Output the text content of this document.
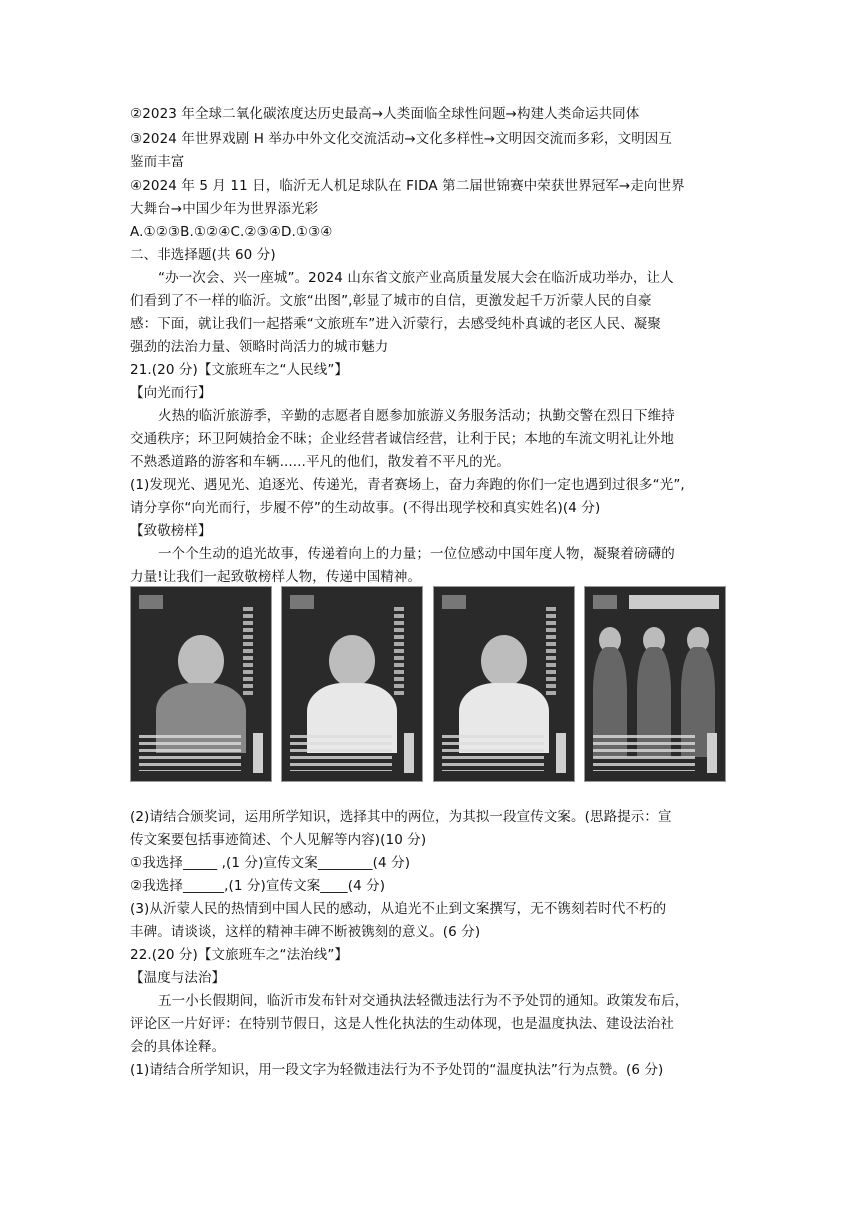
②2023 年全球二氧化碳浓度达历史最高→人类面临全球性问题→构建人类命运共同体
③2024 年世界戏剧 H 举办中外文化交流活动→文化多样性→文明因交流而多彩，文明因互
鉴而丰富
④2024 年 5 月 11 日，临沂无人机足球队在 FIDA 第二届世锦赛中荣获世界冠军→走向世界
大舞台→中国少年为世界添光彩
A.①②③B.①②④C.②③④D.①③④
二、非选择题(共 60 分)
“办一次会、兴一座城”。2024 山东省文旅产业高质量发展大会在临沂成功举办，让人
们看到了不一样的临沂。文旅“出图”,彰显了城市的自信，更激发起千万沂蒙人民的自豪
感：下面，就让我们一起搭乘“文旅班车”进入沂蒙行，去感受纯朴真诚的老区人民、凝聚
强劲的法治力量、领略时尚活力的城市魅力
21.(20 分)【文旅班车之“人民线”】
【向光而行】
火热的临沂旅游季，辛勤的志愿者自愿参加旅游义务服务活动；执勤交警在烈日下维持
交通秩序；环卫阿姨拾金不昧；企业经营者诚信经营，让利于民；本地的车流文明礼让外地
不熟悉道路的游客和车辆......平凡的他们，散发着不平凡的光。
(1)发现光、遇见光、追逐光、传递光，青者赛场上，奋力奔跑的你们一定也遇到过很多“光”,
请分享你“向光而行，步履不停”的生动故事。(不得出现学校和真实姓名)(4 分)
【致敬榜样】
一个个生动的追光故事，传递着向上的力量；一位位感动中国年度人物，凝聚着磅礴的
力量!让我们一起致敬榜样人物，传递中国精神。
(2)请结合颁奖词，运用所学知识，选择其中的两位，为其拟一段宣传文案。(思路提示：宣
传文案要包括事迹简述、个人见解等内容)(10 分)
①我选择_____ ,(1 分)宣传文案________(4 分)
②我选择______,(1 分)宣传文案____(4 分)
(3)从沂蒙人民的热情到中国人民的感动，从追光不止到文案撰写，无不镌刻若时代不朽的
丰碑。请谈谈，这样的精神丰碑不断被镌刻的意义。(6 分)
22.(20 分)【文旅班车之“法治线”】
【温度与法治】
五一小长假期间，临沂市发布针对交通执法轻微违法行为不予处罚的通知。政策发布后，
评论区一片好评：在特别节假日，这是人性化执法的生动体现，也是温度执法、建设法治社
会的具体诠释。
(1)请结合所学知识，用一段文字为轻微违法行为不予处罚的“温度执法”行为点赞。(6 分)
